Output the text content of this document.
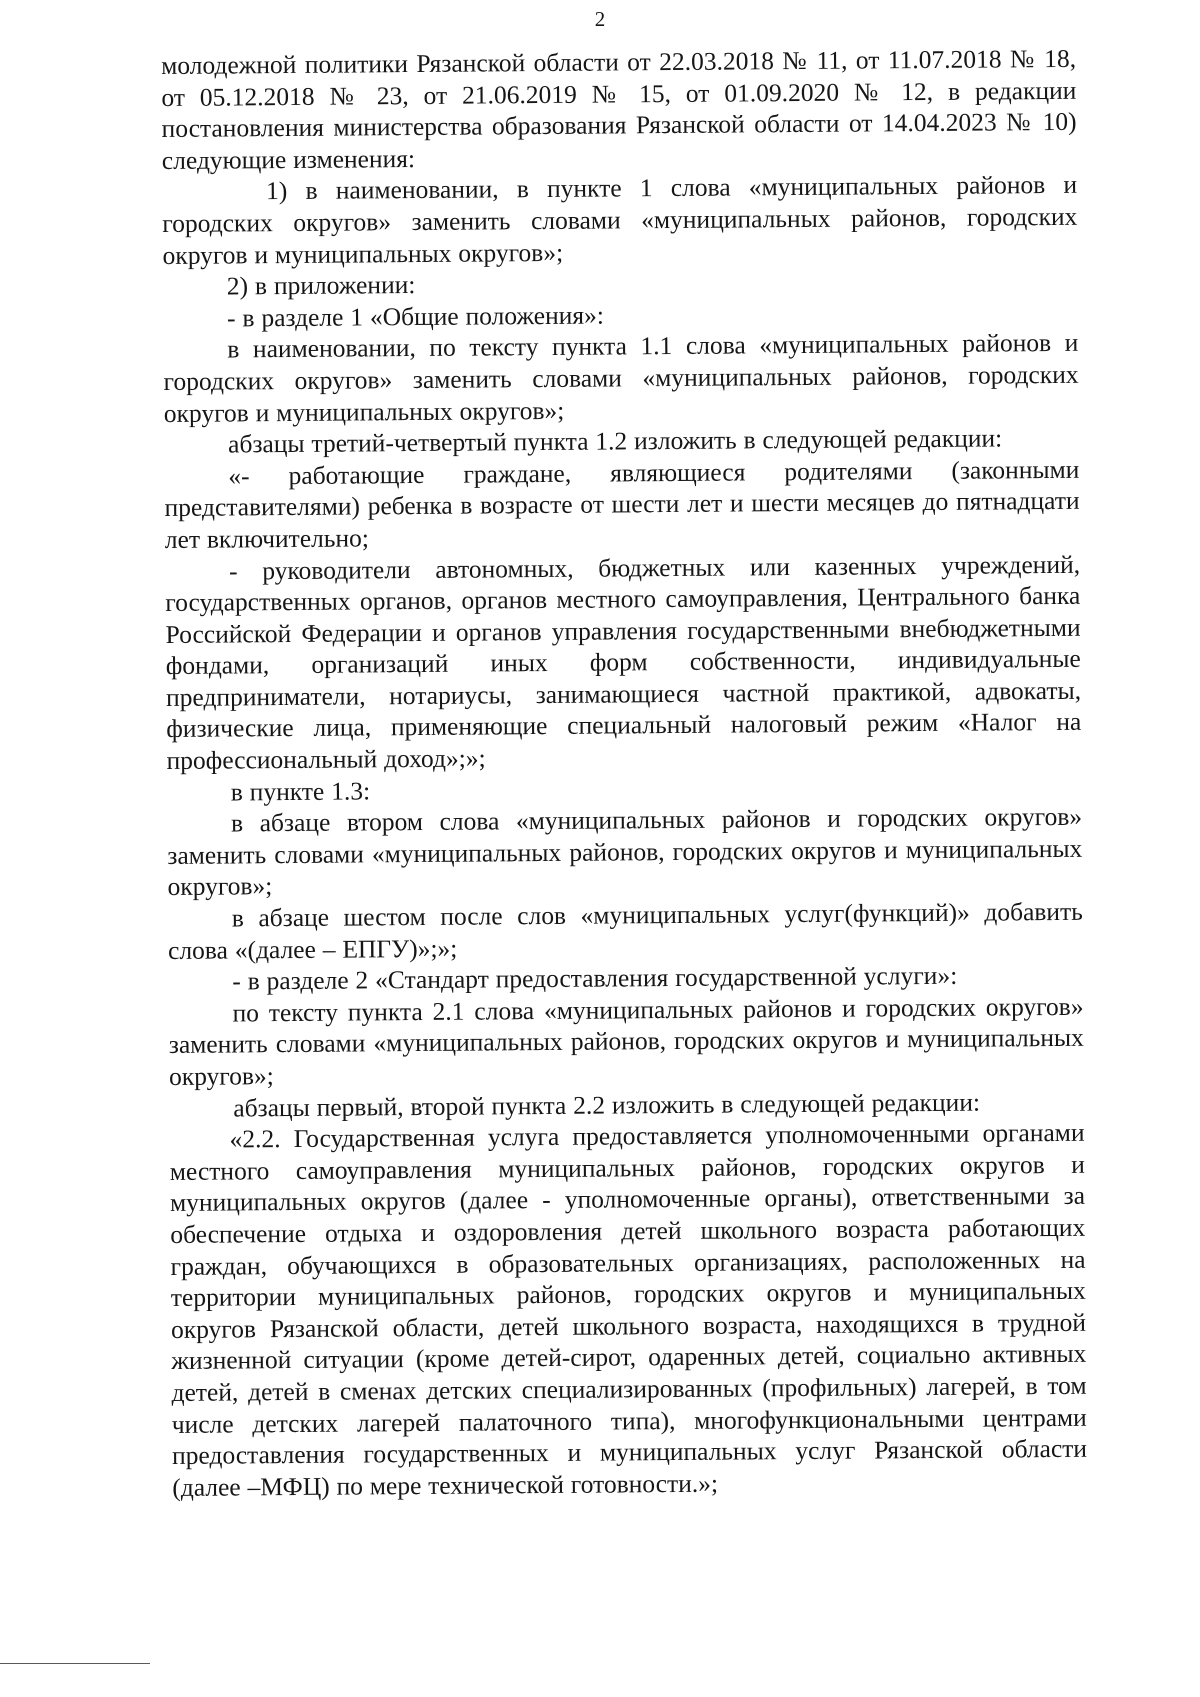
2

молодежной политики Рязанской области от 22.03.2018 № 11, от 11.07.2018 № 18, от 05.12.2018 № 23, от 21.06.2019 № 15, от 01.09.2020 № 12, в редакции постановления министерства образования Рязанской области от 14.04.2023 № 10) следующие изменения:

1) в наименовании, в пункте 1 слова «муниципальных районов и городских округов» заменить словами «муниципальных районов, городских округов и муниципальных округов»;

2) в приложении:

- в разделе 1 «Общие положения»:

в наименовании, по тексту пункта 1.1 слова «муниципальных районов и городских округов» заменить словами «муниципальных районов, городских округов и муниципальных округов»;

абзацы третий-четвертый пункта 1.2 изложить в следующей редакции:

«- работающие граждане, являющиеся родителями (законными представителями) ребенка в возрасте от шести лет и шести месяцев до пятнадцати лет включительно;

- руководители автономных, бюджетных или казенных учреждений, государственных органов, органов местного самоуправления, Центрального банка Российской Федерации и органов управления государственными внебюджетными фондами, организаций иных форм собственности, индивидуальные предприниматели, нотариусы, занимающиеся частной практикой, адвокаты, физические лица, применяющие специальный налоговый режим «Налог на профессиональный доход»;»;

в пункте 1.3:

в абзаце втором слова «муниципальных районов и городских округов» заменить словами «муниципальных районов, городских округов и муниципальных округов»;

в абзаце шестом после слов «муниципальных услуг(функций)» добавить слова «(далее – ЕПГУ)»;»;

- в разделе 2 «Стандарт предоставления государственной услуги»:

по тексту пункта 2.1 слова «муниципальных районов и городских округов» заменить словами «муниципальных районов, городских округов и муниципальных округов»;

абзацы первый, второй пункта 2.2 изложить в следующей редакции:

«2.2. Государственная услуга предоставляется уполномоченными органами местного самоуправления муниципальных районов, городских округов и муниципальных округов (далее - уполномоченные органы), ответственными за обеспечение отдыха и оздоровления детей школьного возраста работающих граждан, обучающихся в образовательных организациях, расположенных на территории муниципальных районов, городских округов и муниципальных округов Рязанской области, детей школьного возраста, находящихся в трудной жизненной ситуации (кроме детей-сирот, одаренных детей, социально активных детей, детей в сменах детских специализированных (профильных) лагерей, в том числе детских лагерей палаточного типа), многофункциональными центрами предоставления государственных и муниципальных услуг Рязанской области (далее –МФЦ) по мере технической готовности.»;
